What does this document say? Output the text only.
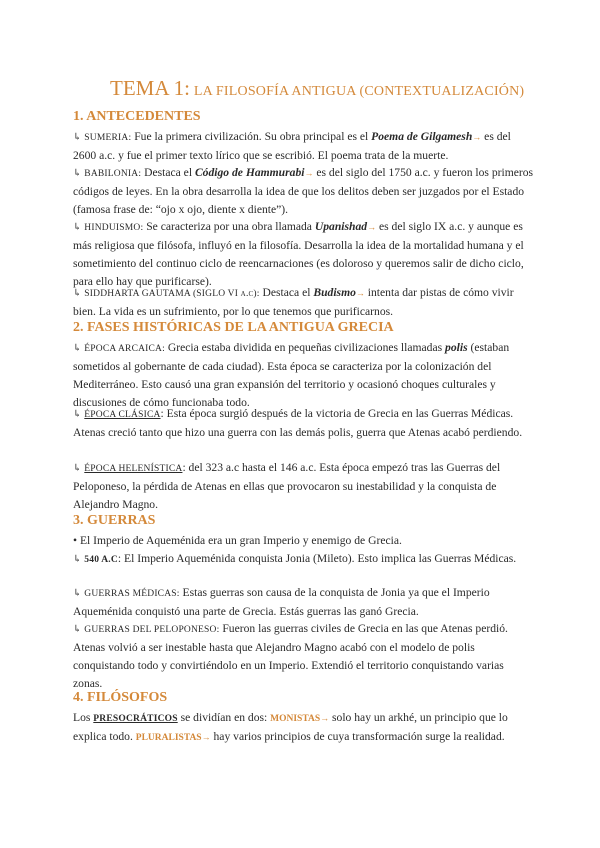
TEMA 1: LA FILOSOFÍA ANTIGUA (CONTEXTUALIZACIÓN)
1. ANTECEDENTES
↳ SUMERIA: Fue la primera civilización. Su obra principal es el Poema de Gilgamesh→ es del 2600 a.c. y fue el primer texto lírico que se escribió. El poema trata de la muerte.
↳ BABILONIA: Destaca el Código de Hammurabi→ es del siglo del 1750 a.c. y fueron los primeros códigos de leyes. En la obra desarrolla la idea de que los delitos deben ser juzgados por el Estado (famosa frase de: “ojo x ojo, diente x diente”).
↳ HINDUISMO: Se caracteriza por una obra llamada Upanishad→ es del siglo IX a.c. y aunque es más religiosa que filósofa, influyó en la filosofía. Desarrolla la idea de la mortalidad humana y el sometimiento del continuo ciclo de reencarnaciones (es doloroso y queremos salir de dicho ciclo, para ello hay que purificarse).
↳ SIDDHARTA GAUTAMA (SIGLO VI a.c): Destaca el Budismo→ intenta dar pistas de cómo vivir bien. La vida es un sufrimiento, por lo que tenemos que purificarnos.
2. FASES HISTÓRICAS DE LA ANTIGUA GRECIA
↳ ÉPOCA ARCAICA: Grecia estaba dividida en pequeñas civilizaciones llamadas polis (estaban sometidos al gobernante de cada ciudad). Esta época se caracteriza por la colonización del Mediterráneo. Esto causó una gran expansión del territorio y ocasionó choques culturales y discusiones de cómo funcionaba todo.
↳ ÉPOCA CLÁSICA: Esta época surgió después de la victoria de Grecia en las Guerras Médicas. Atenas creció tanto que hizo una guerra con las demás polis, guerra que Atenas acabó perdiendo.
↳ ÉPOCA HELENÍSTICA: del 323 a.c hasta el 146 a.c. Esta época empezó tras las Guerras del Peloponeso, la pérdida de Atenas en ellas que provocaron su inestabilidad y la conquista de Alejandro Magno.
3. GUERRAS
• El Imperio de Aqueménida era un gran Imperio y enemigo de Grecia.
↳ 540 A.C: El Imperio Aqueménida conquista Jonia (Mileto). Esto implica las Guerras Médicas.
↳ GUERRAS MÉDICAS: Estas guerras son causa de la conquista de Jonia ya que el Imperio Aqueménida conquistó una parte de Grecia. Estás guerras las ganó Grecia.
↳ GUERRAS DEL PELOPONESO: Fueron las guerras civiles de Grecia en las que Atenas perdió. Atenas volvió a ser inestable hasta que Alejandro Magno acabó con el modelo de polis conquistando todo y convirtiéndolo en un Imperio. Extendió el territorio conquistando varias zonas.
4. FILÓSOFOS
Los PRESOCRÁTICOS se dividían en dos: MONISTAS→ solo hay un arkhé, un principio que lo explica todo. PLURALISTAS→ hay varios principios de cuya transformación surge la realidad.
